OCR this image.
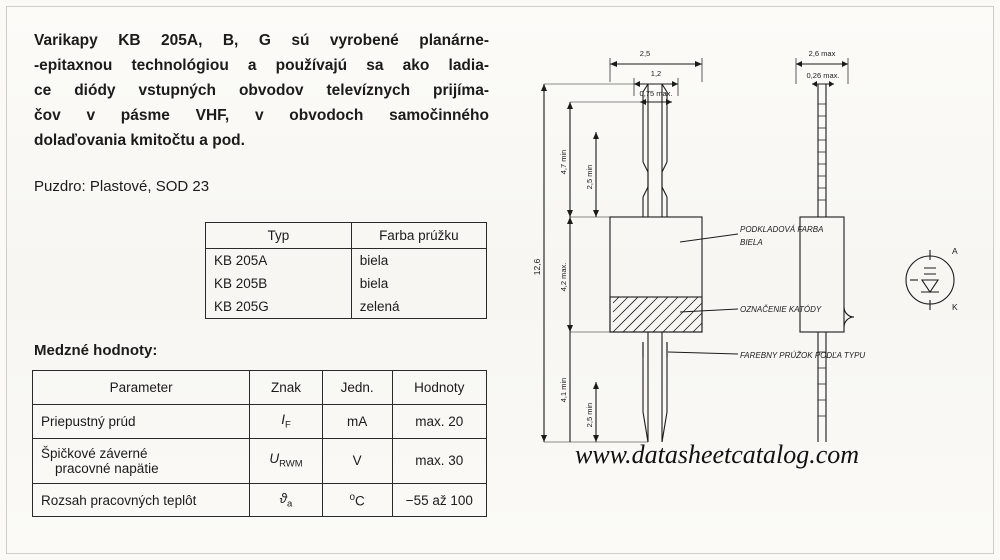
Varikapy KB 205A, B, G sú vyrobené planárne-
-epitaxnou technológiou a používajú sa ako ladia-
ce diódy vstupných obvodov televíznych prijíma-
čov v pásme VHF, v obvodoch samočinného
dolaďovania kmitočtu a pod.
Puzdro: Plastové, SOD 23
Typ	Farba prúžku
KB 205A	biela
KB 205B	biela
KB 205G	zelená
Medzné hodnoty:
Parameter	Znak	Jedn.	Hodnoty
Priepustný prúd	$I_F$	mA	max. 20

Špičkové záverné
pracovné napätie	$U_{RWM}$	V	max. 30
Rozsah pracovných teplôt	$ϑ_a$	$^o$C	−55 až 100
2,5
1,2
0,75 max.
2,6 max
0,26 max.
12,6
4,7 min
2,5 min
4,2 max.
4,1 min
2,5 min
PODKLADOVÁ FARBA
BIELA
OZNAČENIE KATÓDY
FAREBNY PRÚŽOK PODĽA TYPU
A
K
www.datasheetcatalog.com
